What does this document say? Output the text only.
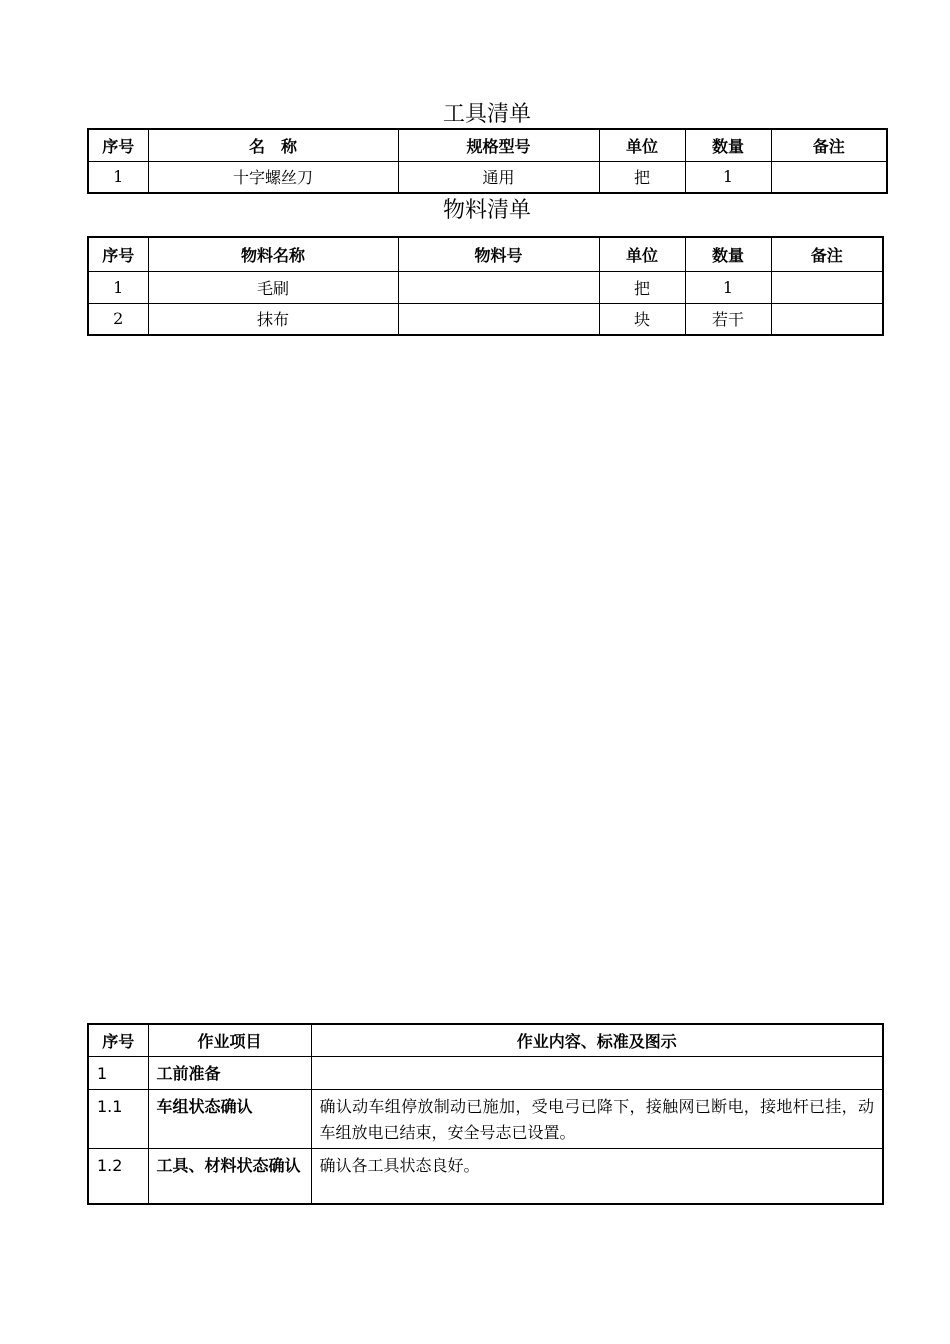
工具清单
序号	名　称	规格型号	单位	数量	备注
1	十字螺丝刀	通用	把	1	
物料清单
序号	物料名称	物料号	单位	数量	备注
1	毛刷		把	1	
2	抹布		块	若干	
序号	作业项目	作业内容、标准及图示
1	工前准备	
1.1	车组状态确认	确认动车组停放制动已施加，受电弓已降下，接触网已断电，接地杆已挂，动车组放电已结束，安全号志已设置。
1.2	工具、材料状态确认	确认各工具状态良好。
